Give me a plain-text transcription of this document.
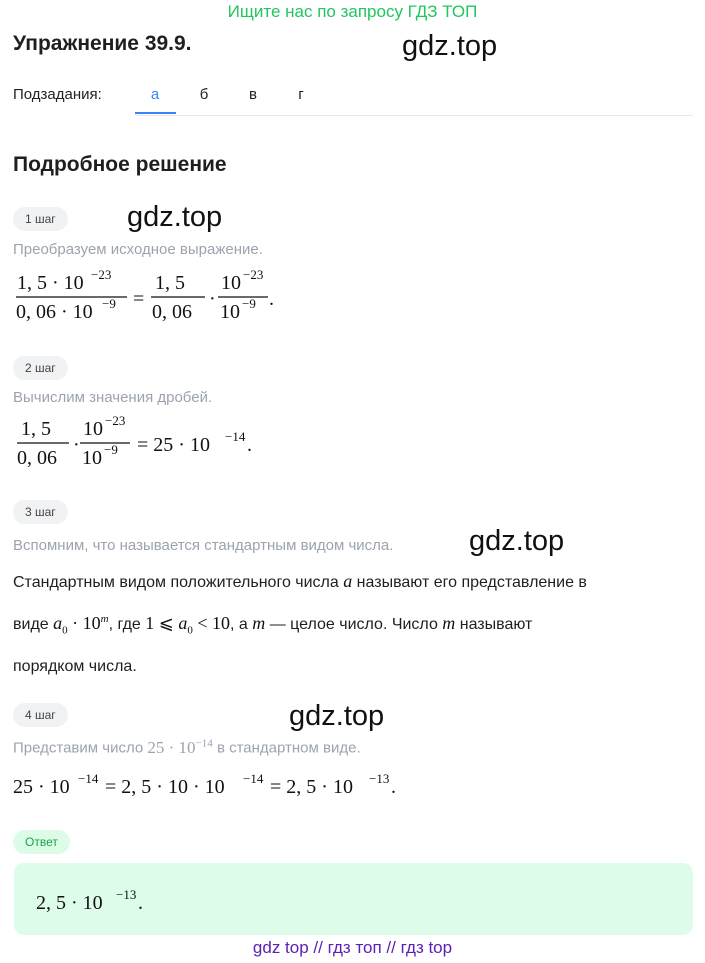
Ищите нас по запросу ГДЗ ТОП
Упражнение 39.9.	gdz.top
Подзадания:	а	б	в	г
Подробное решение
1 шаг	gdz.top
Преобразуем исходное выражение.
1, 5 · 10 −23
0, 06 · 10 −9 =
1, 5
0, 06
·
10 −23
10 −9 .
2 шаг
Вычислим значения дробей.
1, 5
0, 06
·
10 −23
10 −9 = 25 · 10 −14 .
3 шаг
Вспомним, что называется стандартным видом числа.	gdz.top
Стандартным видом положительного числа a называют его представление в
виде $a_0 \cdot 10^m$, где 1 ⩽ $a_0 < 10$, а m — целое число. Число m называют
порядком числа.
4 шаг	gdz.top
Представим число $25 \cdot 10^{-14}$ в стандартном виде.
25 · 10 −14 = 2, 5 · 10 · 10 −14 = 2, 5 · 10 −13 .
Ответ
2, 5 · 10 −13 .
gdz top // гдз топ // гдз top
